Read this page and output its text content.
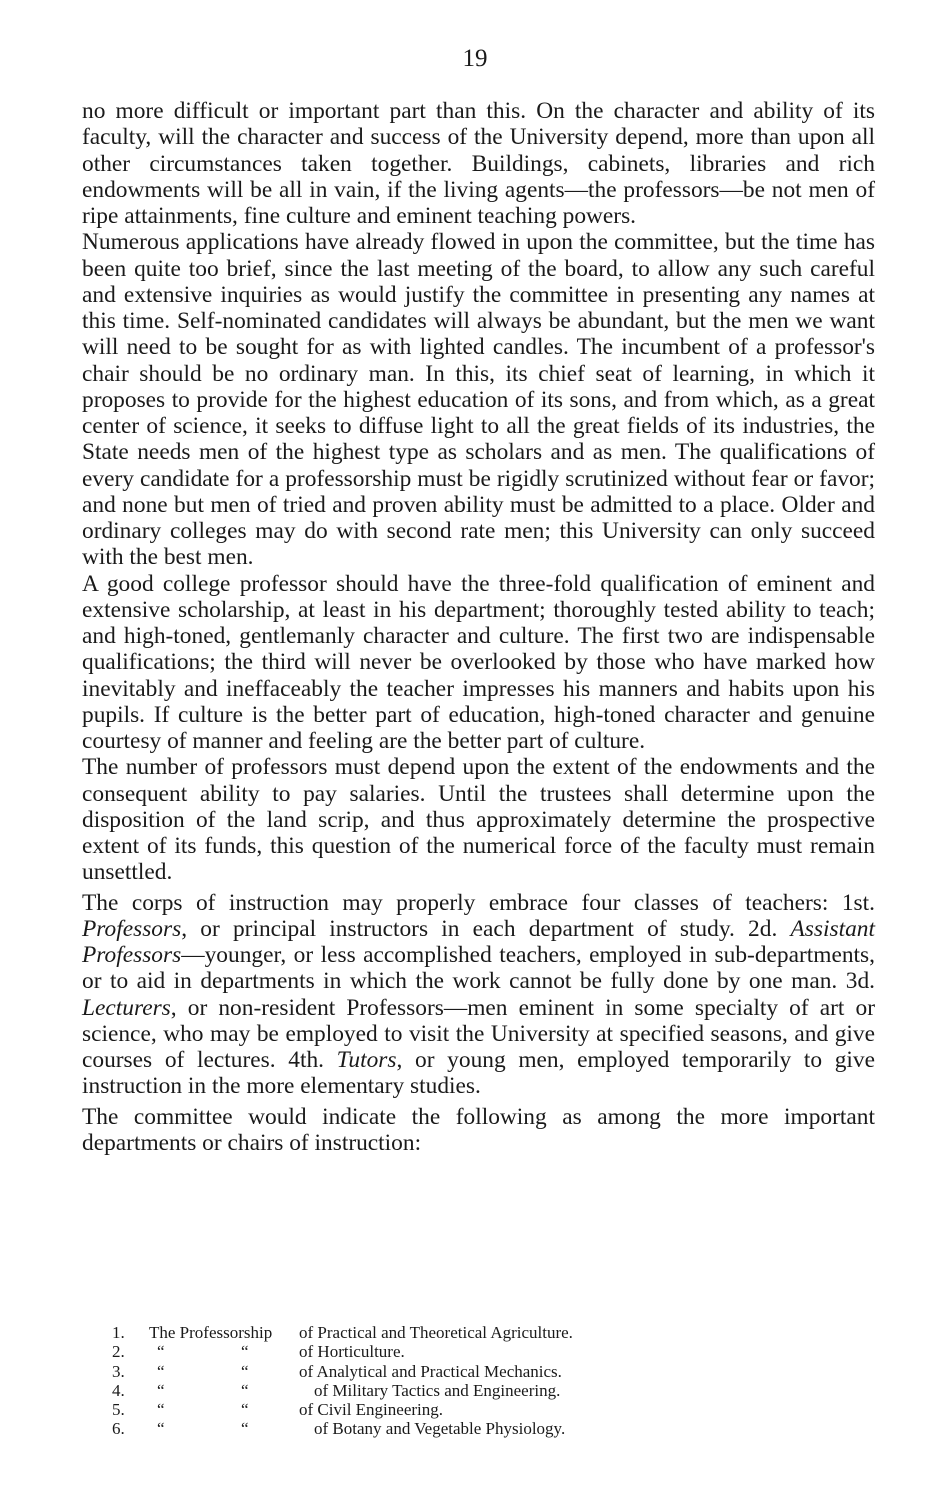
19

no more difficult or important part than this. On the character and ability of its faculty, will the character and success of the University depend, more than upon all other circumstances taken together. Buildings, cabinets, libraries and rich endowments will be all in vain, if the living agents—the professors—be not men of ripe attainments, fine culture and eminent teaching powers.

Numerous applications have already flowed in upon the committee, but the time has been quite too brief, since the last meeting of the board, to allow any such careful and extensive inquiries as would justify the committee in presenting any names at this time. Self-nominated candidates will always be abundant, but the men we want will need to be sought for as with lighted candles. The incumbent of a professor's chair should be no ordinary man. In this, its chief seat of learning, in which it proposes to provide for the highest education of its sons, and from which, as a great center of science, it seeks to diffuse light to all the great fields of its industries, the State needs men of the highest type as scholars and as men. The qualifications of every candidate for a professorship must be rigidly scrutinized without fear or favor; and none but men of tried and proven ability must be admitted to a place. Older and ordinary colleges may do with second rate men; this University can only succeed with the best men.

A good college professor should have the three-fold qualification of eminent and extensive scholarship, at least in his department; thoroughly tested ability to teach; and high-toned, gentlemanly character and culture. The first two are indispensable qualifications; the third will never be overlooked by those who have marked how inevitably and ineffaceably the teacher impresses his manners and habits upon his pupils. If culture is the better part of education, high-toned character and genuine courtesy of manner and feeling are the better part of culture.

The number of professors must depend upon the extent of the endowments and the consequent ability to pay salaries. Until the trustees shall determine upon the disposition of the land scrip, and thus approximately determine the prospective extent of its funds, this question of the numerical force of the faculty must remain unsettled.

The corps of instruction may properly embrace four classes of teachers: 1st. Professors, or principal instructors in each department of study. 2d. Assistant Professors—younger, or less accomplished teachers, employed in sub-departments, or to aid in departments in which the work cannot be fully done by one man. 3d. Lecturers, or non-resident Professors—men eminent in some specialty of art or science, who may be employed to visit the University at specified seasons, and give courses of lectures. 4th. Tutors, or young men, employed temporarily to give instruction in the more elementary studies.

The committee would indicate the following as among the more important departments or chairs of instruction:

1.	The Professorship	of Practical and Theoretical Agriculture.
2.	“	“	of Horticulture.
3.	“	“	of Analytical and Practical Mechanics.
4.	“	“	of Military Tactics and Engineering.
5.	“	“	of Civil Engineering.
6.	“	“	of Botany and Vegetable Physiology.
